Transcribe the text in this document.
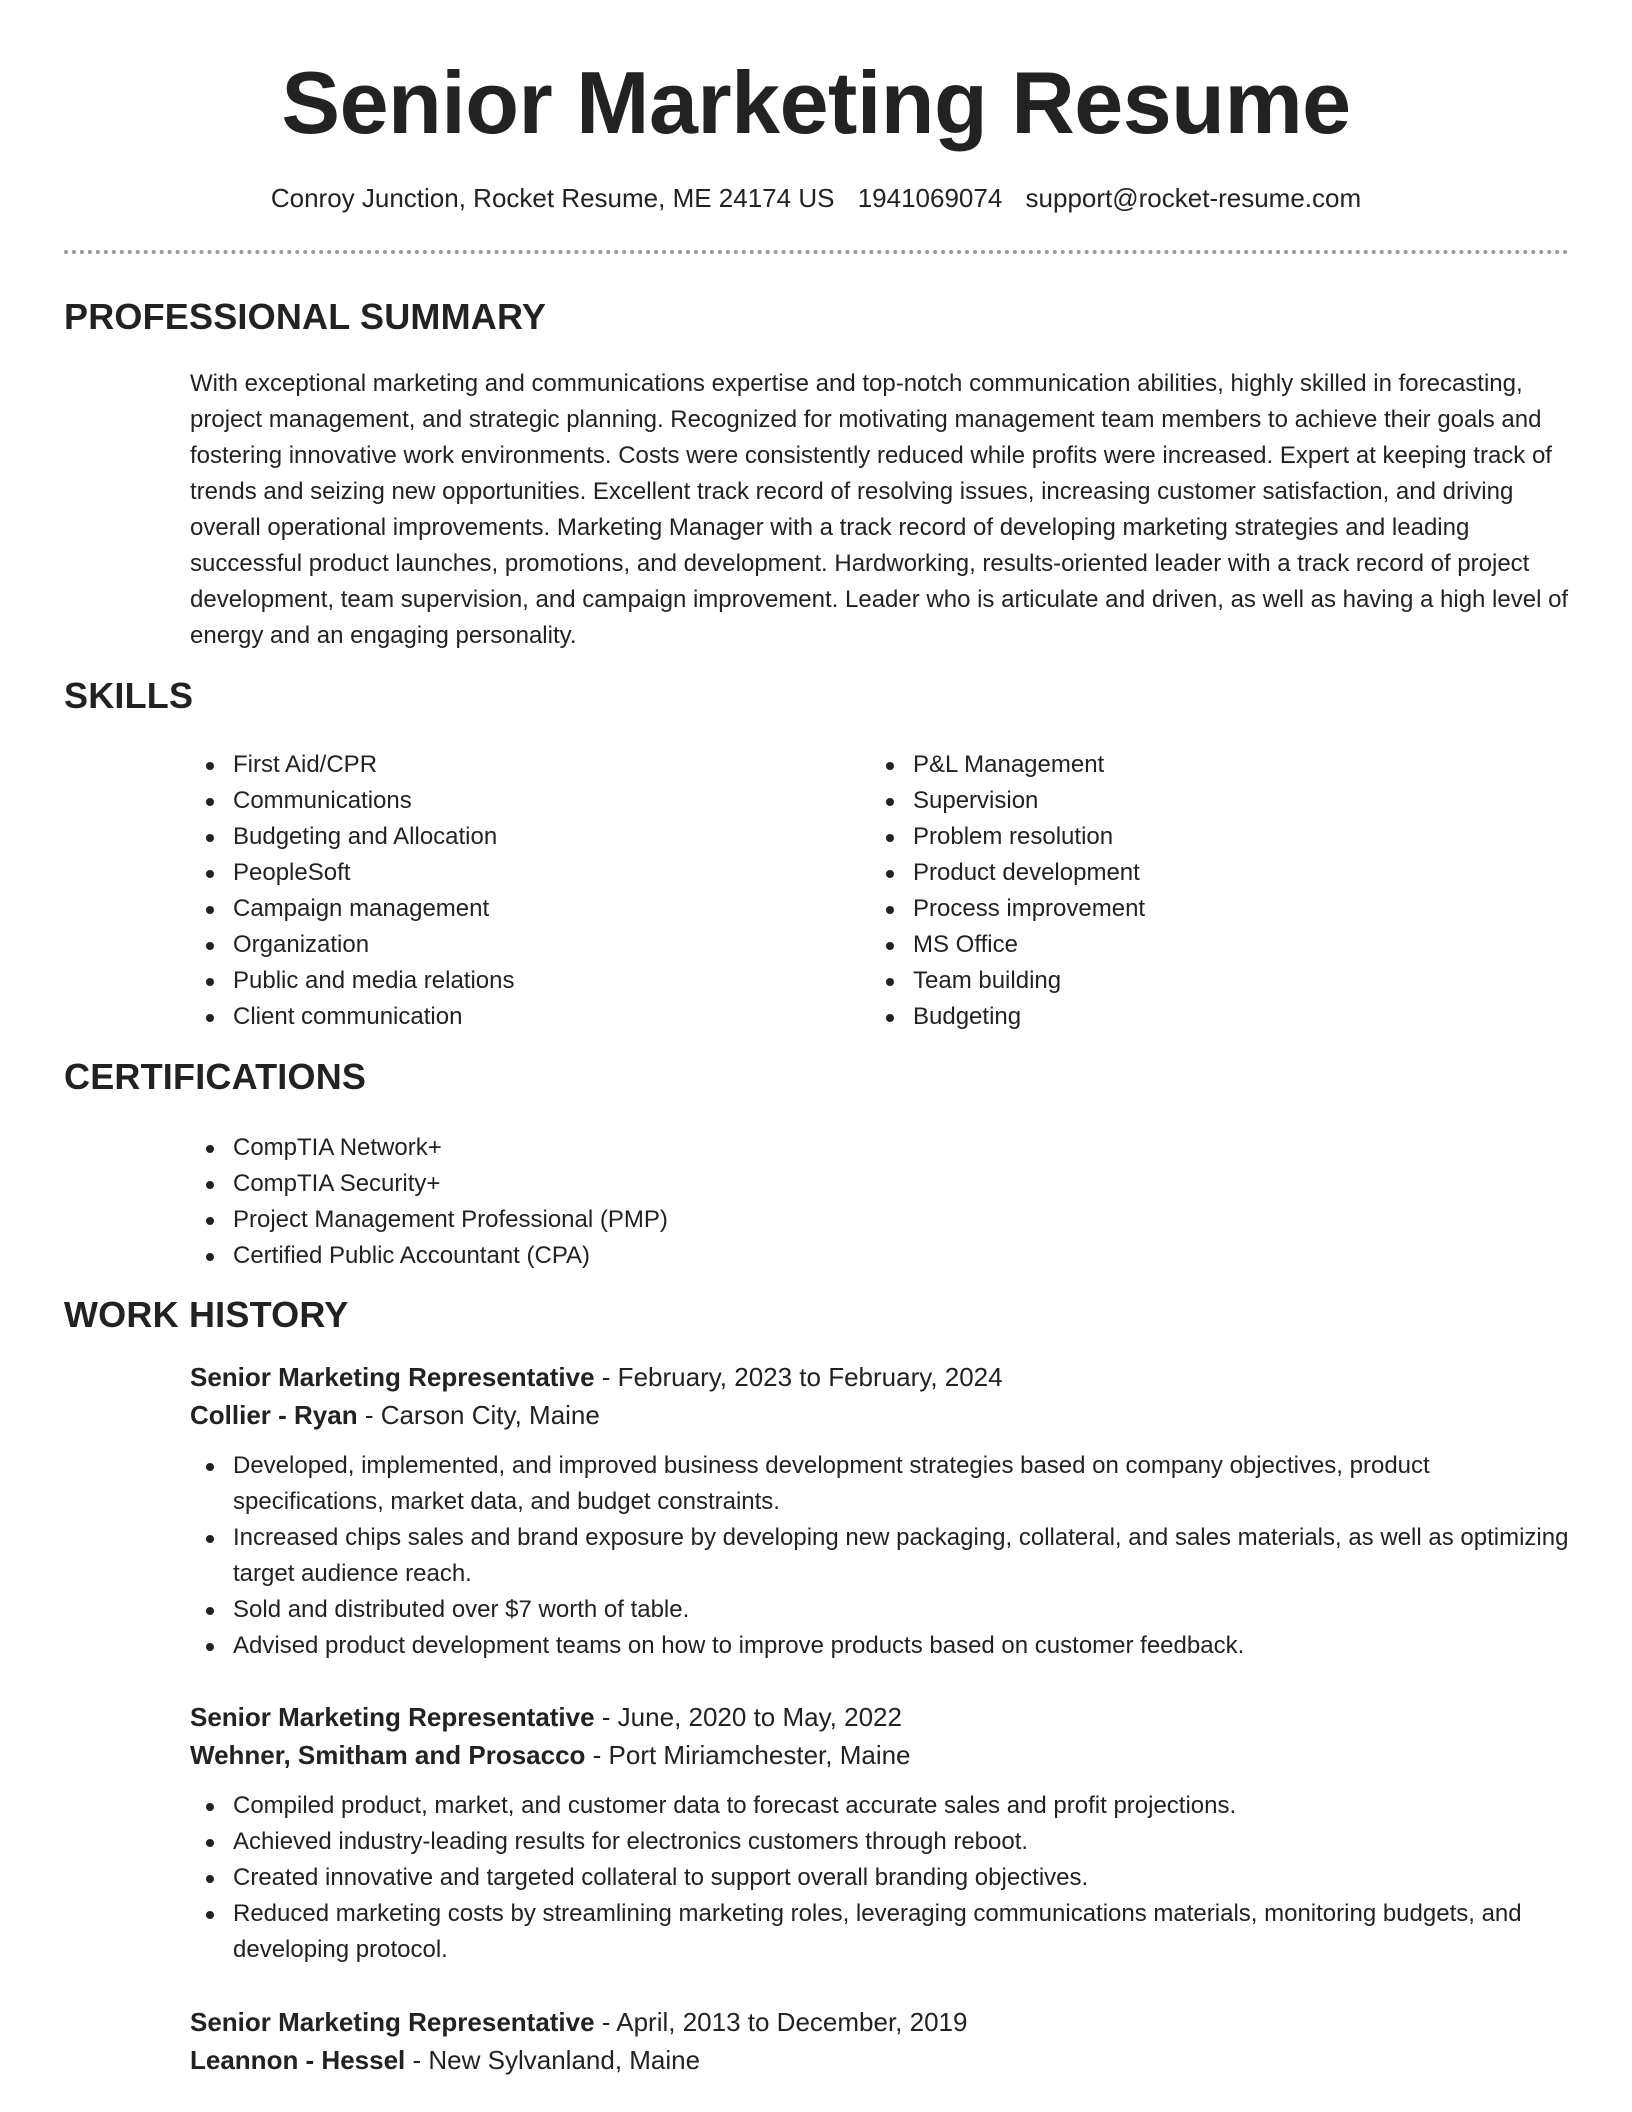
Senior Marketing Resume
Conroy Junction, Rocket Resume, ME 24174 US 1941069074 support@rocket-resume.com
PROFESSIONAL SUMMARY
With exceptional marketing and communications expertise and top-notch communication abilities, highly skilled in forecasting, project management, and strategic planning. Recognized for motivating management team members to achieve their goals and fostering innovative work environments. Costs were consistently reduced while profits were increased. Expert at keeping track of trends and seizing new opportunities. Excellent track record of resolving issues, increasing customer satisfaction, and driving overall operational improvements. Marketing Manager with a track record of developing marketing strategies and leading successful product launches, promotions, and development. Hardworking, results-oriented leader with a track record of project development, team supervision, and campaign improvement. Leader who is articulate and driven, as well as having a high level of energy and an engaging personality.
SKILLS
First Aid/CPR
Communications
Budgeting and Allocation
PeopleSoft
Campaign management
Organization
Public and media relations
Client communication
P&L Management
Supervision
Problem resolution
Product development
Process improvement
MS Office
Team building
Budgeting
CERTIFICATIONS
CompTIA Network+
CompTIA Security+
Project Management Professional (PMP)
Certified Public Accountant (CPA)
WORK HISTORY
Senior Marketing Representative - February, 2023 to February, 2024
Collier - Ryan - Carson City, Maine
Developed, implemented, and improved business development strategies based on company objectives, product specifications, market data, and budget constraints.
Increased chips sales and brand exposure by developing new packaging, collateral, and sales materials, as well as optimizing target audience reach.
Sold and distributed over $7 worth of table.
Advised product development teams on how to improve products based on customer feedback.
Senior Marketing Representative - June, 2020 to May, 2022
Wehner, Smitham and Prosacco - Port Miriamchester, Maine
Compiled product, market, and customer data to forecast accurate sales and profit projections.
Achieved industry-leading results for electronics customers through reboot.
Created innovative and targeted collateral to support overall branding objectives.
Reduced marketing costs by streamlining marketing roles, leveraging communications materials, monitoring budgets, and developing protocol.
Senior Marketing Representative - April, 2013 to December, 2019
Leannon - Hessel - New Sylvanland, Maine
